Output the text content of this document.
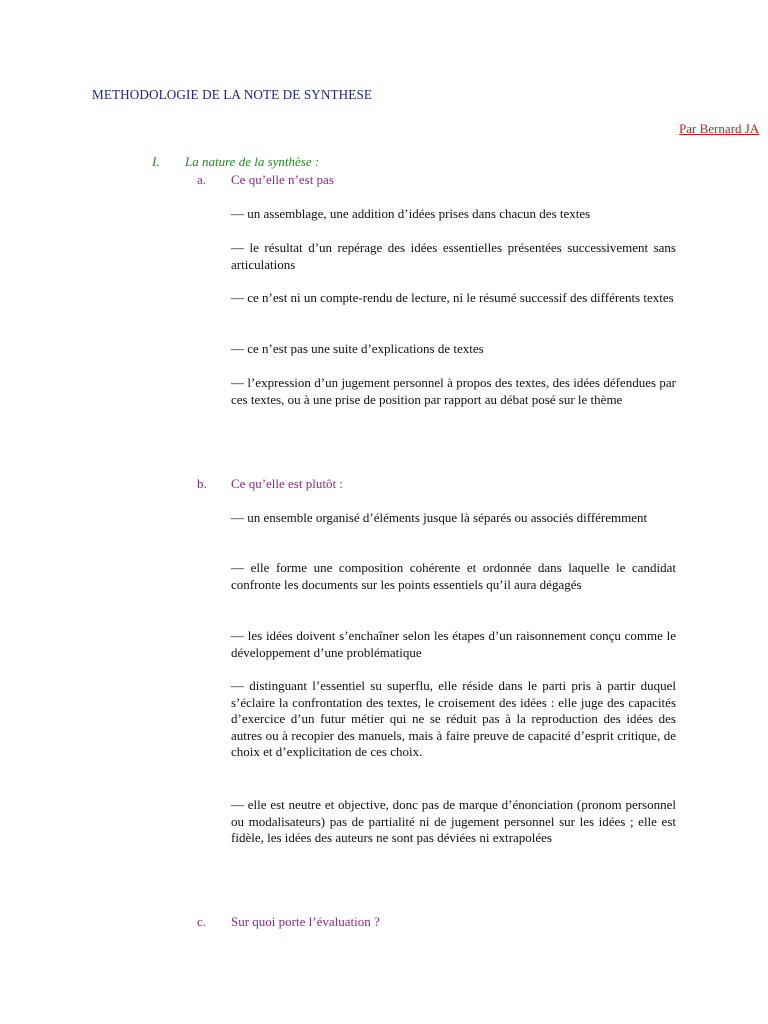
METHODOLOGIE DE LA NOTE DE SYNTHESE
Par Bernard JA
I. La nature de la synthèse :
a. Ce qu’elle n’est pas

— un assemblage, une addition d’idées prises dans chacun des textes

— le résultat d’un repérage des idées essentielles présentées successivement sans articulations

— ce n’est ni un compte-rendu de lecture, ni le résumé successif des différents textes

— ce n’est pas une suite d’explications de textes

— l’expression d’un jugement personnel à propos des textes, des idées défendues par ces textes, ou à une prise de position par rapport au débat posé sur le thème

b. Ce qu’elle est plutôt :

— un ensemble organisé d’éléments jusque là séparés ou associés différemment

— elle forme une composition cohérente et ordonnée dans laquelle le candidat confronte les documents sur les points essentiels qu’il aura dégagés

— les idées doivent s’enchaîner selon les étapes d’un raisonnement conçu comme le développement d’une problématique

— distinguant l’essentiel su superflu, elle réside dans le parti pris à partir duquel s’éclaire la confrontation des textes, le croisement des idées : elle juge des capacités d’exercice d’un futur métier qui ne se réduit pas à la reproduction des idées des autres ou à recopier des manuels, mais à faire preuve de capacité d’esprit critique, de choix et d’explicitation de ces choix.

— elle est neutre et objective, donc pas de marque d’énonciation (pronom personnel ou modalisateurs) pas de partialité ni de jugement personnel sur les idées ; elle est fidèle, les idées des auteurs ne sont pas déviées ni extrapolées

c. Sur quoi porte l’évaluation ?
